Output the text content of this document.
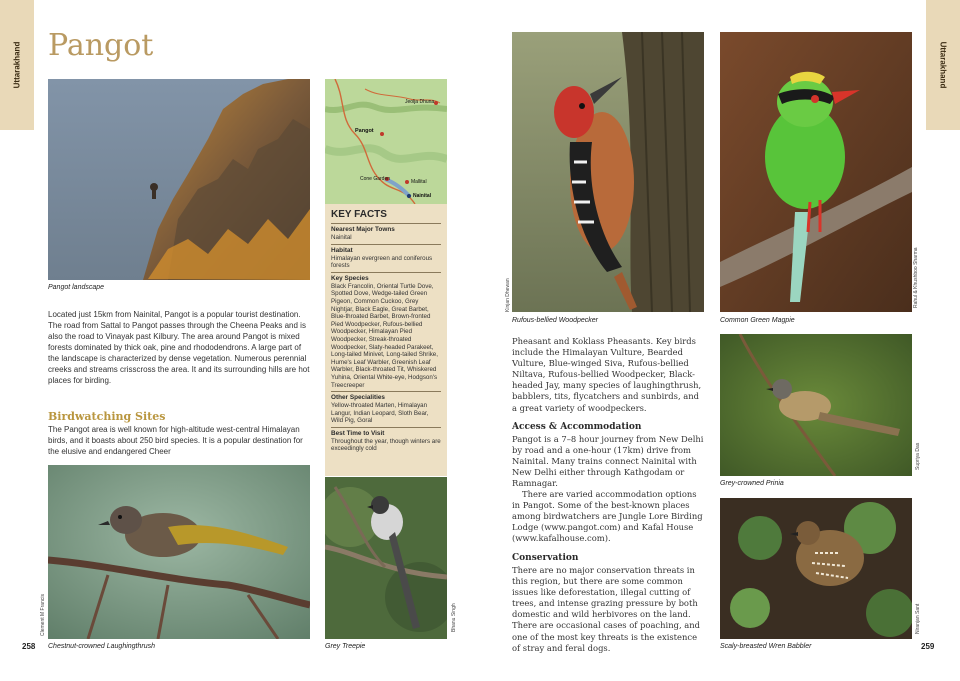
Uttarakhand Pangot
Pangot landscape
Jeolja Dhuna
Pangot
Cone Garden	Mallital
Nainital
KEY FACTS
Nearest Major Towns
Nainital
Habitat
Himalayan evergreen and coniferous forests
Key Species
Black Francolin, Oriental Turtle Dove, Spotted Dove, Wedge-tailed Green Pigeon, Common Cuckoo, Grey Nightjar, Black Eagle, Great Barbet, Blue-throated Barbet, Brown-fronted Pied Woodpecker, Rufous-bellied Woodpecker, Himalayan Pied Woodpecker, Streak-throated Woodpecker, Slaty-headed Parakeet, Long-tailed Minivet, Long-tailed Shrike, Hume's Leaf Warbler, Greenish Leaf Warbler, Black-throated Tit, Whiskered Yuhina, Oriental White-eye, Hodgson's Treecreeper
Other Specialities
Yellow-throated Marten, Himalayan Langur, Indian Leopard, Sloth Bear, Wild Pig, Goral
Best Time to Visit
Throughout the year, though winters are exceedingly cold

Located just 15km from Nainital, Pangot is a popular tourist destination. The road from Sattal to Pangot passes through the Cheena Peaks and is also the road to Vinayak past Kilbury. The area around Pangot is mixed forests dominated by thick oak, pine and rhododendrons. A large part of the landscape is characterized by dense vegetation. Numerous perennial creeks and streams crisscross the area. It and its surrounding hills are hot places for birding.

Birdwatching Sites

The Pangot area is well known for high-altitude west-central Himalayan birds, and it boasts about 250 bird species. It is a popular destination for the elusive and endangered Cheer

Clement M Francis
Chestnut-crowned Laughingthrush
Bhanu Singh
Grey Treepie
258
Uttarakhand
Kinjan Dhewan
Rufous-bellied Woodpecker
Rahul & Khushboo Sharma
Common Green Magpie

Pheasant and Koklass Pheasants. Key birds include the Himalayan Vulture, Bearded Vulture, Blue-winged Siva, Rufous-bellied Niltava, Rufous-bellied Woodpecker, Black-headed Jay, many species of laughingthrush, babblers, tits, flycatchers and sunbirds, and a great variety of woodpeckers.

Access & Accommodation

Pangot is a 7–8 hour journey from New Delhi by road and a one-hour (17km) drive from Nainital. Many trains connect Nainital with New Delhi either through Kathgodam or Ramnagar.

There are varied accommodation options in Pangot. Some of the best-known places among birdwatchers are Jungle Lore Birding Lodge (www.pangot.com) and Kafal House (www.kafalhouse.com).

Conservation

There are no major conservation threats in this region, but there are some common issues like deforestation, illegal cutting of trees, and intense grazing pressure by both domestic and wild herbivores on the land. There are occasional cases of poaching, and one of the most key threats is the existence of stray and feral dogs.

Supriya Das
Grey-crowned Prinia
Niranjan Sant
Scaly-breasted Wren Babbler	259
